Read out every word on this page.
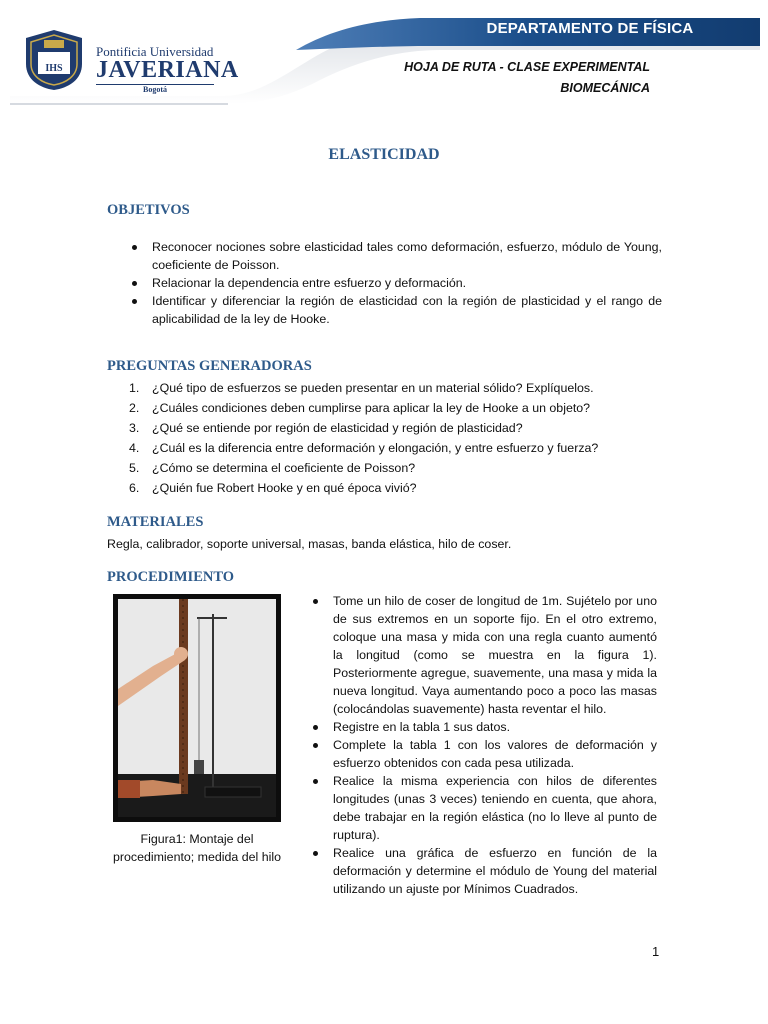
IHS
Pontificia Universidad
JAVERIANA
Bogotá
DEPARTAMENTO DE FÍSICA
HOJA DE RUTA - CLASE EXPERIMENTAL
BIOMECÁNICA
ELASTICIDAD
OBJETIVOS
Reconocer nociones sobre elasticidad tales como deformación, esfuerzo, módulo de Young, coeficiente de Poisson.
Relacionar la dependencia entre esfuerzo y deformación.
Identificar y diferenciar la región de elasticidad con la región de plasticidad y el rango de aplicabilidad de la ley de Hooke.
PREGUNTAS GENERADORAS
1. ¿Qué tipo de esfuerzos se pueden presentar en un material sólido? Explíquelos.
2. ¿Cuáles condiciones deben cumplirse para aplicar la ley de Hooke a un objeto?
3. ¿Qué se entiende por región de elasticidad y región de plasticidad?
4. ¿Cuál es la diferencia entre deformación y elongación, y entre esfuerzo y fuerza?
5. ¿Cómo se determina el coeficiente de Poisson?
6. ¿Quién fue Robert Hooke y en qué época vivió?
MATERIALES
Regla, calibrador, soporte universal, masas, banda elástica, hilo de coser.
PROCEDIMIENTO
Figura1: Montaje del procedimiento; medida del hilo
Tome un hilo de coser de longitud de 1m. Sujételo por uno de sus extremos en un soporte fijo. En el otro extremo, coloque una masa y mida con una regla cuanto aumentó la longitud (como se muestra en la figura 1). Posteriormente agregue, suavemente, una masa y mida la nueva longitud. Vaya aumentando poco a poco las masas (colocándolas suavemente) hasta reventar el hilo.
Registre en la tabla 1 sus datos.
Complete la tabla 1 con los valores de deformación y esfuerzo obtenidos con cada pesa utilizada.
Realice la misma experiencia con hilos de diferentes longitudes (unas 3 veces) teniendo en cuenta, que ahora, debe trabajar en la región elástica (no lo lleve al punto de ruptura).
Realice una gráfica de esfuerzo en función de la deformación y determine el módulo de Young del material utilizando un ajuste por Mínimos Cuadrados.
1
